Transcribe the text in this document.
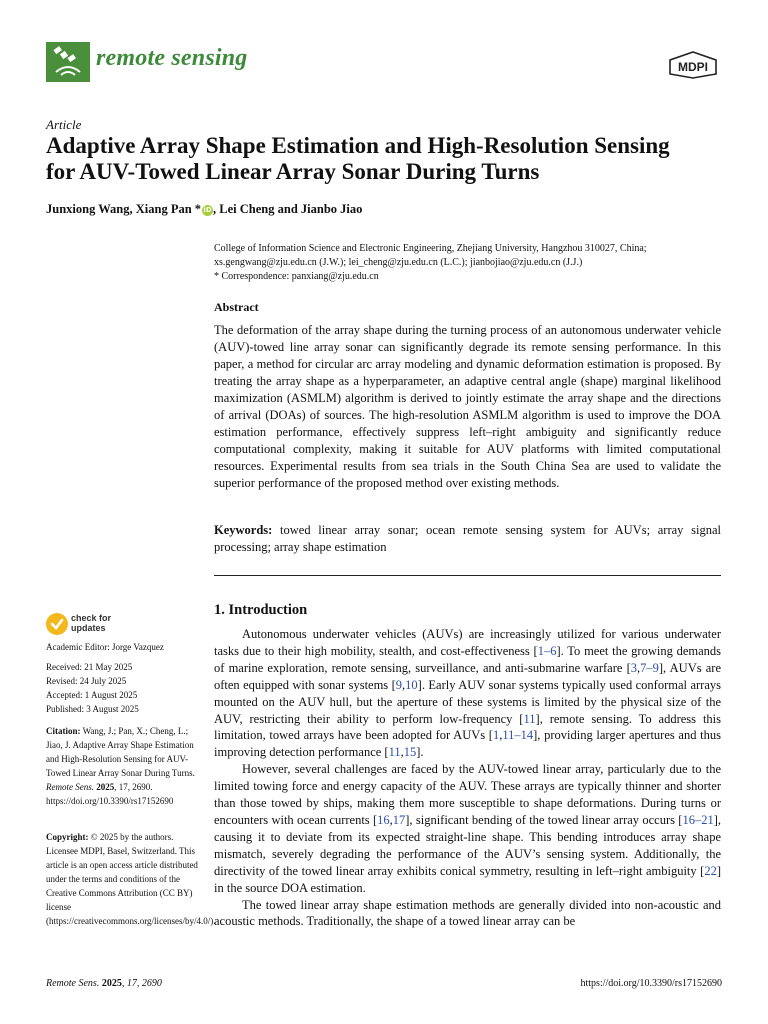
remote sensing	MDPI
Article
Adaptive Array Shape Estimation and High-Resolution Sensing
for AUV-Towed Linear Array Sonar During Turns
Junxiong Wang, Xiang Pan * iD, Lei Cheng and Jianbo Jiao
College of Information Science and Electronic Engineering, Zhejiang University, Hangzhou 310027, China;
xs.gengwang@zju.edu.cn (J.W.); lei_cheng@zju.edu.cn (L.C.); jianbojiao@zju.edu.cn (J.J.)
* Correspondence: panxiang@zju.edu.cn
Abstract
The deformation of the array shape during the turning process of an autonomous underwater vehicle (AUV)-towed line array sonar can significantly degrade its remote sensing performance. In this paper, a method for circular arc array modeling and dynamic deformation estimation is proposed. By treating the array shape as a hyperparameter, an adaptive central angle (shape) marginal likelihood maximization (ASMLM) algorithm is derived to jointly estimate the array shape and the directions of arrival (DOAs) of sources. The high-resolution ASMLM algorithm is used to improve the DOA estimation performance, effectively suppress left–right ambiguity and significantly reduce computational complexity, making it suitable for AUV platforms with limited computational resources. Experimental results from sea trials in the South China Sea are used to validate the superior performance of the proposed method over existing methods.
Keywords: towed linear array sonar; ocean remote sensing system for AUVs; array signal processing; array shape estimation
check for
updates
Academic Editor: Jorge Vazquez
Received: 21 May 2025
Revised: 24 July 2025
Accepted: 1 August 2025
Published: 3 August 2025
Citation: Wang, J.; Pan, X.; Cheng, L.; Jiao, J. Adaptive Array Shape Estimation and High-Resolution Sensing for AUV-Towed Linear Array Sonar During Turns. Remote Sens. 2025, 17, 2690. https://doi.org/10.3390/rs17152690
Copyright: © 2025 by the authors. Licensee MDPI, Basel, Switzerland. This article is an open access article distributed under the terms and conditions of the Creative Commons Attribution (CC BY) license (https://creativecommons.org/licenses/by/4.0/).
1. Introduction

Autonomous underwater vehicles (AUVs) are increasingly utilized for various underwater tasks due to their high mobility, stealth, and cost-effectiveness [1–6]. To meet the growing demands of marine exploration, remote sensing, surveillance, and anti-submarine warfare [3,7–9], AUVs are often equipped with sonar systems [9,10]. Early AUV sonar systems typically used conformal arrays mounted on the AUV hull, but the aperture of these systems is limited by the physical size of the AUV, restricting their ability to perform low-frequency [11], remote sensing. To address this limitation, towed arrays have been adopted for AUVs [1,11–14], providing larger apertures and thus improving detection performance [11,15].

However, several challenges are faced by the AUV-towed linear array, particularly due to the limited towing force and energy capacity of the AUV. These arrays are typically thinner and shorter than those towed by ships, making them more susceptible to shape deformations. During turns or encounters with ocean currents [16,17], significant bending of the towed linear array occurs [16–21], causing it to deviate from its expected straight-line shape. This bending introduces array shape mismatch, severely degrading the performance of the AUV’s sensing system. Additionally, the directivity of the towed linear array exhibits conical symmetry, resulting in left–right ambiguity [22] in the source DOA estimation.

The towed linear array shape estimation methods are generally divided into non-acoustic and acoustic methods. Traditionally, the shape of a towed linear array can be

Remote Sens. 2025, 17, 2690	https://doi.org/10.3390/rs17152690
